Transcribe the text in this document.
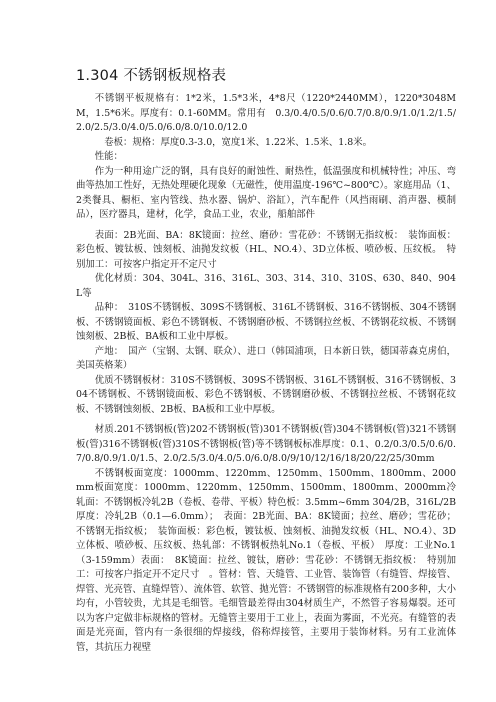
1.304 不锈钢板规格表

不锈钢平板规格有：1*2米，1.5*3米，4*8尺（1220*2440MM），1220*3048MM，1.5*6米。厚度有：0.1-60MM。常用有　0.3/0.4/0.5/0.6/0.7/0.8/0.9/1.0/1.2/1.5/2.0/2.5/3.0/4.0/5.0/6.0/8.0/10.0/12.0

卷板：规格：厚度0.3-3.0，宽度1米、1.22米、1.5米、1.8米。

性能：

作为一种用途广泛的钢，具有良好的耐蚀性、耐热性，低温强度和机械特性；冲压、弯曲等热加工性好，无热处理硬化现象（无磁性，使用温度-196℃~800℃）。家庭用品（1、2类餐具、橱柜、室内管线、热水器、锅炉、浴缸），汽车配件（风挡雨刷、消声器、模制品），医疗器具，建材，化学，食品工业，农业，船舶部件

表面：2B光面、BA：8K镜面：拉丝、磨砂：雪花砂：不锈钢无指纹板：　装饰面板：彩色板、镀钛板、蚀刻板、油抛发纹板（HL、NO.4）、3D立体板、喷砂板、压纹板。　特别加工：可按客户指定开不定尺寸

优化材质：304、304L、316、316L、303、314、310、310S、630、840、904L等

品种：　310S不锈钢板、309S不锈钢板、316L不锈钢板、316不锈钢板、304不锈钢板、不锈钢镜面板、彩色不锈钢板、不锈钢磨砂板、不锈钢拉丝板、不锈钢花纹板、不锈钢蚀刻板、2B板、BA板和工业中厚板。

产地：　国产（宝钢、太钢、联众）、进口（韩国浦项，日本新日铁，德国蒂森克虏伯，美国英格莱）

优质不锈钢板材：310S不锈钢板、309S不锈钢板、316L不锈钢板、316不锈钢板、304不锈钢板、不锈钢镜面板、彩色不锈钢板、不锈钢磨砂板、不锈钢拉丝板、不锈钢花纹板、不锈钢蚀刻板、2B板、BA板和工业中厚板。

材质.201不锈钢板(管)202不锈钢板(管)301不锈钢板(管)304不锈钢板(管)321不锈钢板(管)316不锈钢板(管)310S不锈钢板(管)等不锈钢板标准厚度：0.1、0.2/0.3/0.5/0.6/0.7/0.8/0.9/1.0/1.5、2.0/2.5/3.0/4.0/5.0/6.0/8.0/9/10/12/16/18/20/22/25/30mm

不锈钢板面宽度：1000mm、1220mm、1250mm、1500mm、1800mm、2000mm板面宽度：1000mm、1220mm、1250mm、1500mm、1800mm、2000mm冷轧面：不锈钢板冷轧2B（卷板、卷带、平板）特色板：3.5mm~6mm 304/2B，316L/2B厚度：冷轧2B（0.1—6.0mm）；　表面：2B光面、BA：8K镜面；拉丝、磨砂；雪花砂；不锈钢无指纹板；　装饰面板：彩色板，镀钛板、蚀刻板、油抛发纹板（HL、NO.4）、3D立体板、喷砂板、压纹板、热轧部：不锈钢板热轧No.1（卷板、平板）　厚度：工业No.1（3-159mm）表面：　8K镜面：拉丝、镀钛，磨砂：雪花砂：不锈钢无指纹板：　特别加工：可按客户指定开不定尺寸　。管材：管、天缝管、工业管、装饰管（有缝管、焊接管、焊管、光亮管、直缝焊管）、流体管、软管、抛光管：不锈钢管的标准规格有200多种，大小均有，小管较贵，尤其是毛细管。毛细管最差得由304材质生产，不然管子容易爆裂。还可以为客户定做非标规格的管材。无缝管主要用于工业上，表面为雾面，不光亮。有缝管的表面是光亮面，管内有一条很细的焊接线，俗称焊接管，主要用于装饰材料。另有工业流体管，其抗压力视壁
